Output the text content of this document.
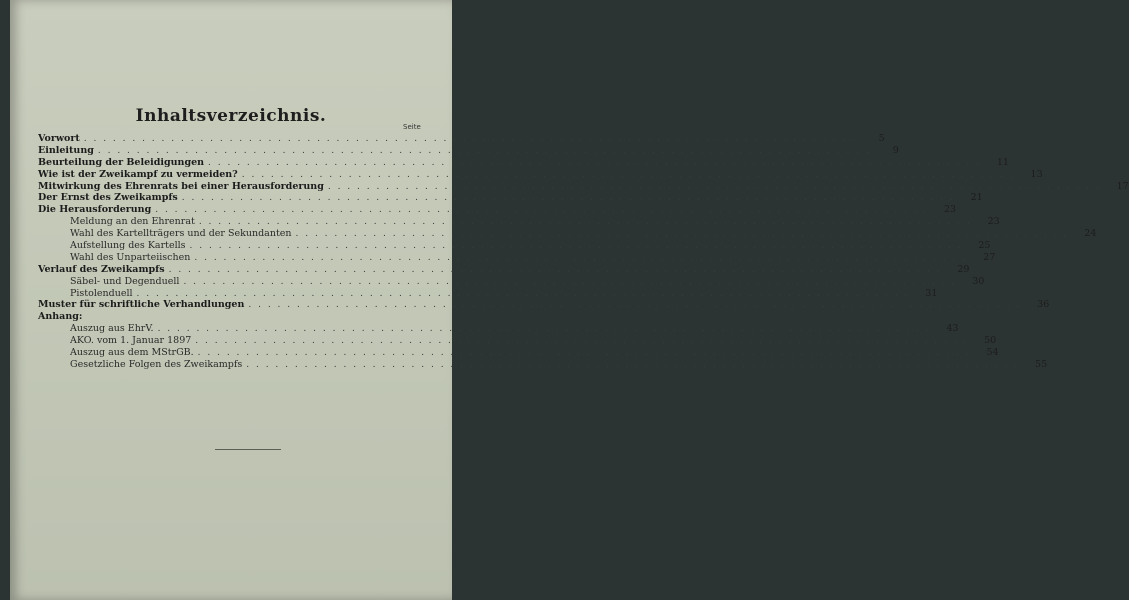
Inhaltsverzeichnis.
Seite
Vorwort . . . . . . . . . . . . . . . . . . . . . . . . . . . . . . . . . . . . . . . . . . . . . . . . . . . . . . . . . . . . . . . . . . . . . . . . . . . . . . . .	5
Einleitung . . . . . . . . . . . . . . . . . . . . . . . . . . . . . . . . . . . . . . . . . . . . . . . . . . . . . . . . . . . . . . . . . . . . . . . . . . . . . . . .	9
Beurteilung der Beleidigungen . . . . . . . . . . . . . . . . . . . . . . . . . . . . . . . . . . . . . . . . . . . . . . . . . . . . . . . . . . . . . . . . . . . . . . . . . . . . . . . .	11
Wie ist der Zweikampf zu vermeiden? . . . . . . . . . . . . . . . . . . . . . . . . . . . . . . . . . . . . . . . . . . . . . . . . . . . . . . . . . . . . . . . . . . . . . . . . . . . . . . . .	13
Mitwirkung des Ehrenrats bei einer Herausforderung . . . . . . . . . . . . . . . . . . . . . . . . . . . . . . . . . . . . . . . . . . . . . . . . . . . . . . . . . . . . . . . . . . . . . . . . . . . . . . . .	17
Der Ernst des Zweikampfs . . . . . . . . . . . . . . . . . . . . . . . . . . . . . . . . . . . . . . . . . . . . . . . . . . . . . . . . . . . . . . . . . . . . . . . . . . . . . . . .	21
Die Herausforderung . . . . . . . . . . . . . . . . . . . . . . . . . . . . . . . . . . . . . . . . . . . . . . . . . . . . . . . . . . . . . . . . . . . . . . . . . . . . . . . .	23
Meldung an den Ehrenrat . . . . . . . . . . . . . . . . . . . . . . . . . . . . . . . . . . . . . . . . . . . . . . . . . . . . . . . . . . . . . . . . . . . . . . . . . . . . . . . .	23
Wahl des Kartellträgers und der Sekundanten . . . . . . . . . . . . . . . . . . . . . . . . . . . . . . . . . . . . . . . . . . . . . . . . . . . . . . . . . . . . . . . . . . . . . . . . . . . . . . . .	24
Aufstellung des Kartells . . . . . . . . . . . . . . . . . . . . . . . . . . . . . . . . . . . . . . . . . . . . . . . . . . . . . . . . . . . . . . . . . . . . . . . . . . . . . . . .	25
Wahl des Unparteiischen . . . . . . . . . . . . . . . . . . . . . . . . . . . . . . . . . . . . . . . . . . . . . . . . . . . . . . . . . . . . . . . . . . . . . . . . . . . . . . . .	27
Verlauf des Zweikampfs . . . . . . . . . . . . . . . . . . . . . . . . . . . . . . . . . . . . . . . . . . . . . . . . . . . . . . . . . . . . . . . . . . . . . . . . . . . . . . . .	29
Säbel- und Degenduell . . . . . . . . . . . . . . . . . . . . . . . . . . . . . . . . . . . . . . . . . . . . . . . . . . . . . . . . . . . . . . . . . . . . . . . . . . . . . . . .	30
Pistolenduell . . . . . . . . . . . . . . . . . . . . . . . . . . . . . . . . . . . . . . . . . . . . . . . . . . . . . . . . . . . . . . . . . . . . . . . . . . . . . . . .	31
Muster für schriftliche Verhandlungen . . . . . . . . . . . . . . . . . . . . . . . . . . . . . . . . . . . . . . . . . . . . . . . . . . . . . . . . . . . . . . . . . . . . . . . . . . . . . . . .	36
Anhang:
Auszug aus EhrV. . . . . . . . . . . . . . . . . . . . . . . . . . . . . . . . . . . . . . . . . . . . . . . . . . . . . . . . . . . . . . . . . . . . . . . . . . . . . . . . .	43
AKO. vom 1. Januar 1897 . . . . . . . . . . . . . . . . . . . . . . . . . . . . . . . . . . . . . . . . . . . . . . . . . . . . . . . . . . . . . . . . . . . . . . . . . . . . . . . .	50
Auszug aus dem MStrGB. . . . . . . . . . . . . . . . . . . . . . . . . . . . . . . . . . . . . . . . . . . . . . . . . . . . . . . . . . . . . . . . . . . . . . . . . . . . . . . . .	54
Gesetzliche Folgen des Zweikampfs . . . . . . . . . . . . . . . . . . . . . . . . . . . . . . . . . . . . . . . . . . . . . . . . . . . . . . . . . . . . . . . . . . . . . . . . . . . . . . . .	55
